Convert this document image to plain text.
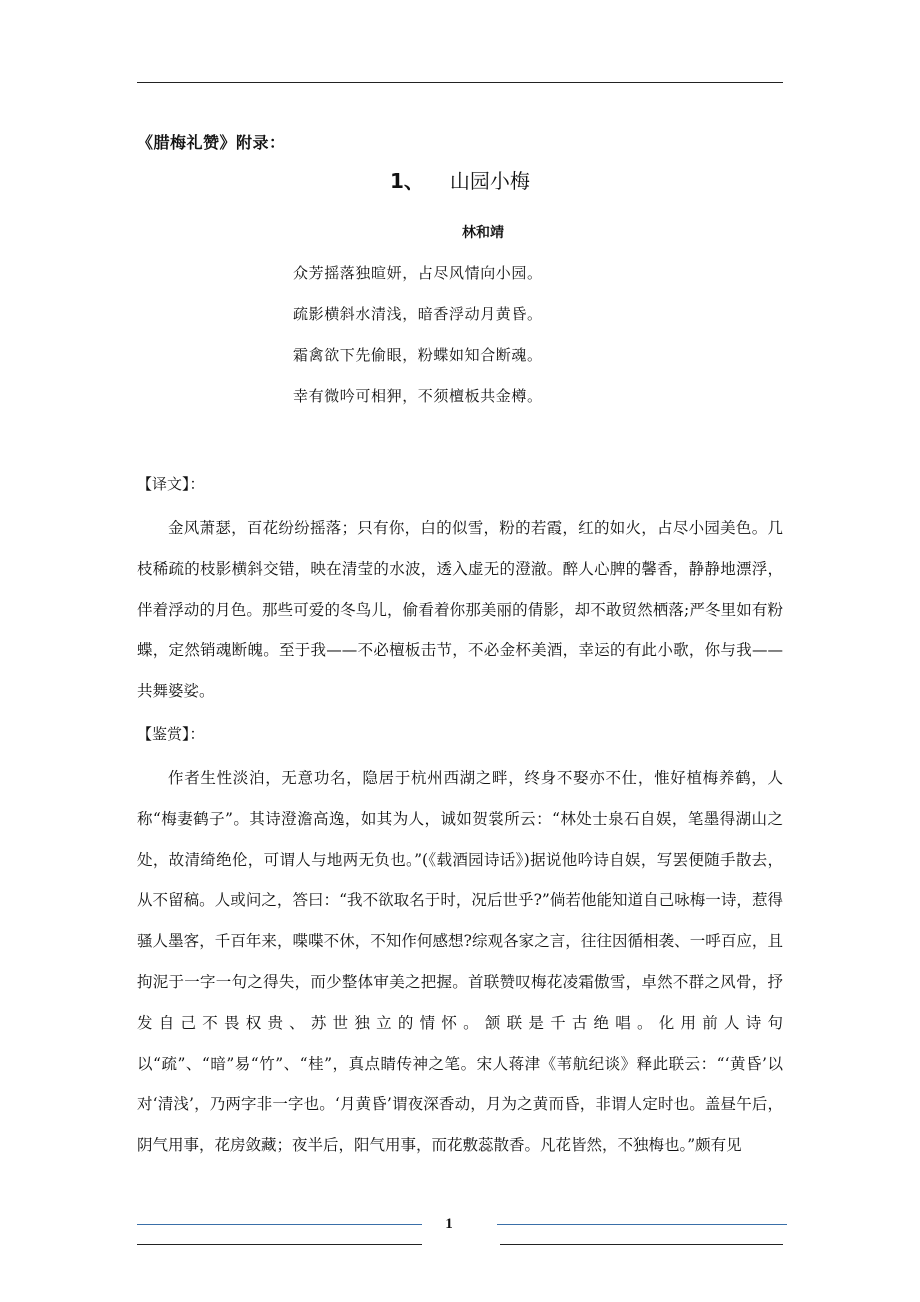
《腊梅礼赞》附录：
1、 山园小梅
林和靖
众芳摇落独暄妍，占尽风情向小园。
疏影横斜水清浅，暗香浮动月黄昏。
霜禽欲下先偷眼，粉蝶如知合断魂。
幸有微吟可相狎，不须檀板共金樽。
【译文】：

金风萧瑟，百花纷纷摇落；只有你，白的似雪，粉的若霞，红的如火，占尽小园美色。几枝稀疏的枝影横斜交错，映在清莹的水波，透入虚无的澄澈。醉人心脾的馨香，静静地漂浮，伴着浮动的月色。那些可爱的冬鸟儿，偷看着你那美丽的倩影，却不敢贸然栖落;严冬里如有粉蝶，定然销魂断魄。至于我——不必檀板击节，不必金杯美酒，幸运的有此小歌，你与我——共舞婆娑。

【鉴赏】：

作者生性淡泊，无意功名，隐居于杭州西湖之畔，终身不娶亦不仕，惟好植梅养鹤，人称“梅妻鹤子”。其诗澄澹高逸，如其为人，诚如贺裳所云：“林处士泉石自娱，笔墨得湖山之处，故清绮绝伦，可谓人与地两无负也。”(《载酒园诗话》)据说他吟诗自娱，写罢便随手散去，从不留稿。人或问之，答曰：“我不欲取名于时，况后世乎?”倘若他能知道自己咏梅一诗，惹得骚人墨客，千百年来，喋喋不休，不知作何感想?综观各家之言，往往因循相袭、一呼百应，且拘泥于一字一句之得失，而少整体审美之把握。首联赞叹梅花凌霜傲雪，卓然不群之风骨，抒发自己不畏权贵、苏世独立的情怀。颔联是千古绝唱。化用前人诗句以“疏”、“暗”易“竹”、“桂”，真点睛传神之笔。宋人蒋津《苇航纪谈》释此联云：“‘黄昏’以对‘清浅’，乃两字非一字也。‘月黄昏’谓夜深香动，月为之黄而昏，非谓人定时也。盖昼午后，阴气用事，花房敛藏；夜半后，阳气用事，而花敷蕊散香。凡花皆然，不独梅也。”颇有见

1
